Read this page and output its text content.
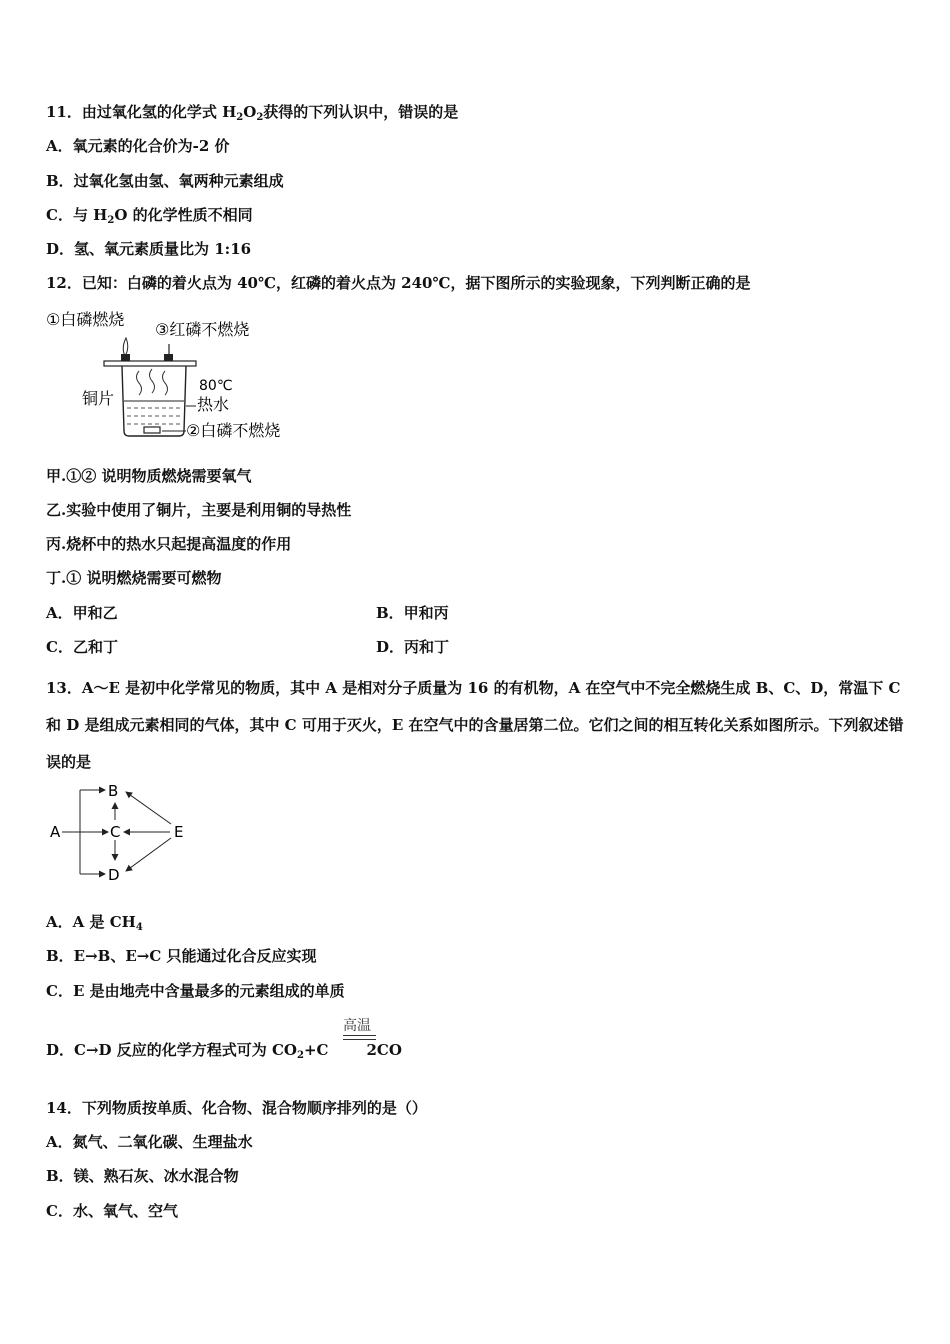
11．由过氧化氢的化学式 $H_2O_2$获得的下列认识中，错误的是
A．氧元素的化合价为-2 价
B．过氧化氢由氢、氧两种元素组成
C．与 $H_2O$ 的化学性质不相同
D．氢、氧元素质量比为 1:16
12．已知：白磷的着火点为 40℃，红磷的着火点为 240℃，据下图所示的实验现象，下列判断正确的是
①白磷燃烧
③红磷不燃烧
80℃
铜片	热水
②白磷不燃烧
甲.①② 说明物质燃烧需要氧气
乙.实验中使用了铜片，主要是利用铜的导热性
丙.烧杯中的热水只起提高温度的作用
丁.① 说明燃烧需要可燃物
A．甲和乙	B．甲和丙
C．乙和丁	D．丙和丁
13．A～E 是初中化学常见的物质，其中 A 是相对分子质量为 16 的有机物，A 在空气中不完全燃烧生成 B、C、D，常温下 C 和 D 是组成元素相同的气体，其中 C 可用于灭火，E 在空气中的含量居第二位。它们之间的相互转化关系如图所示。下列叙述错误的是
A
B
C
D
E
A．A 是 $CH_4$
B．E→B、E→C 只能通过化合反应实现
C．E 是由地壳中含量最多的元素组成的单质
D．C→D 反应的化学方程式可为 $CO_2+C$	2CO
高温
14．下列物质按单质、化合物、混合物顺序排列的是（）
A．氮气、二氧化碳、生理盐水
B．镁、熟石灰、冰水混合物
C．水、氧气、空气
